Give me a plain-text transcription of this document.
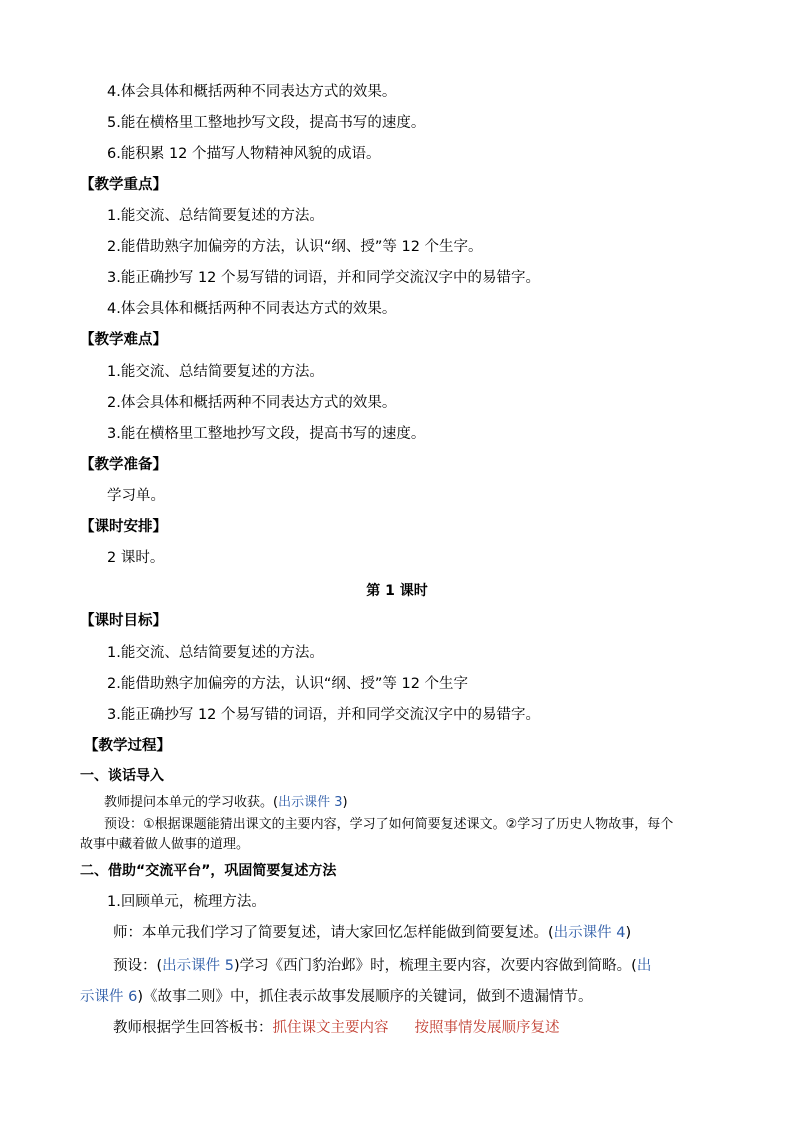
4.体会具体和概括两种不同表达方式的效果。
5.能在横格里工整地抄写文段，提高书写的速度。
6.能积累 12 个描写人物精神风貌的成语。
【教学重点】
1.能交流、总结简要复述的方法。
2.能借助熟字加偏旁的方法，认识“纲、授”等 12 个生字。
3.能正确抄写 12 个易写错的词语，并和同学交流汉字中的易错字。
4.体会具体和概括两种不同表达方式的效果。
【教学难点】
1.能交流、总结简要复述的方法。
2.体会具体和概括两种不同表达方式的效果。
3.能在横格里工整地抄写文段，提高书写的速度。
【教学准备】
学习单。
【课时安排】
2 课时。
第 1 课时
【课时目标】
1.能交流、总结简要复述的方法。
2.能借助熟字加偏旁的方法，认识“纲、授”等 12 个生字
3.能正确抄写 12 个易写错的词语，并和同学交流汉字中的易错字。
【教学过程】
一、谈话导入
教师提问本单元的学习收获。(出示课件 3)
预设：①根据课题能猜出课文的主要内容，学习了如何简要复述课文。②学习了历史人物故事，每个
故事中藏着做人做事的道理。
二、借助“交流平台”，巩固简要复述方法
1.回顾单元，梳理方法。
师：本单元我们学习了简要复述，请大家回忆怎样能做到简要复述。(出示课件 4)
预设：(出示课件 5)学习《西门豹治邺》时，梳理主要内容，次要内容做到简略。(出
示课件 6)《故事二则》中，抓住表示故事发展顺序的关键词，做到不遗漏情节。
教师根据学生回答板书：抓住课文主要内容 按照事情发展顺序复述
